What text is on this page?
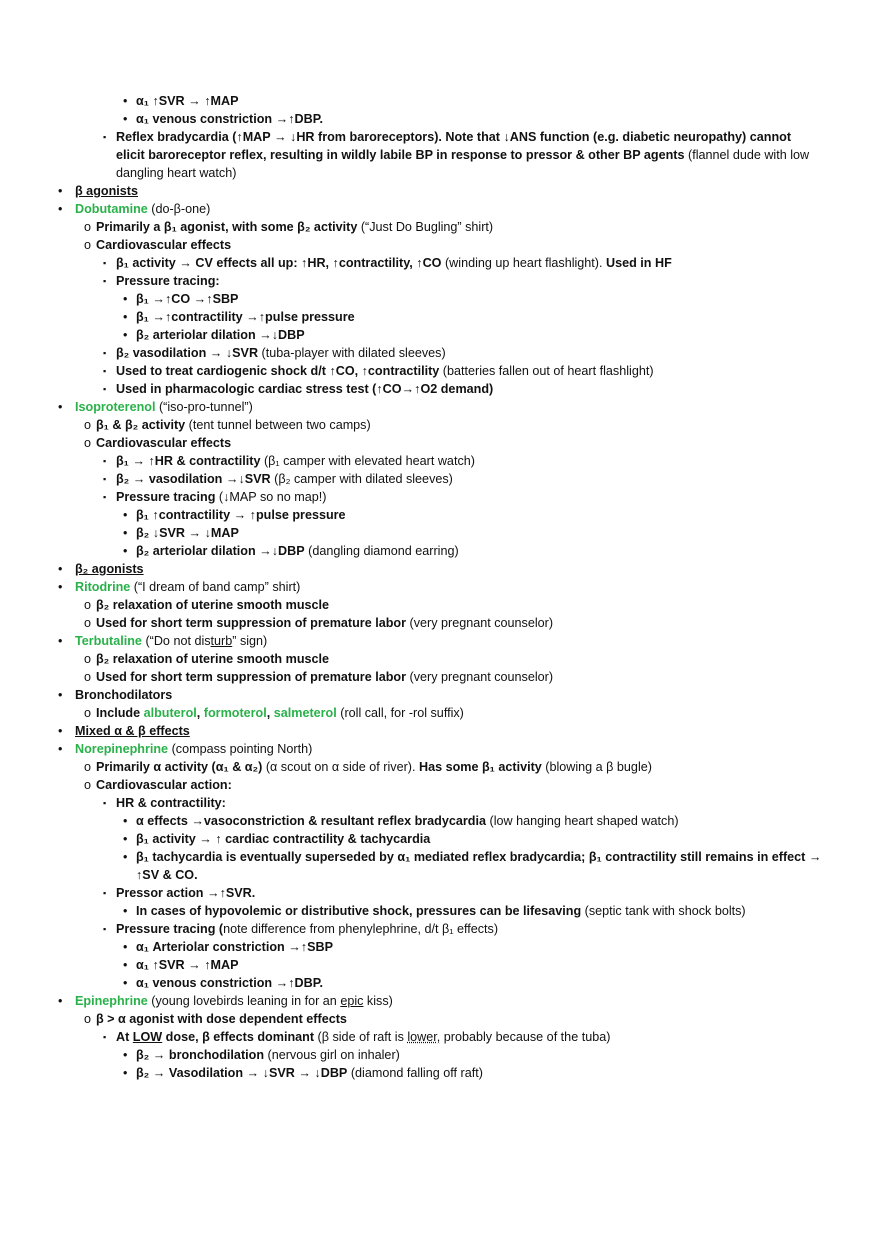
• α₁ ↑SVR → ↑MAP
• α₁ venous constriction →↑DBP.
▪ Reflex bradycardia (↑MAP → ↓HR from baroreceptors). Note that ↓ANS function (e.g. diabetic neuropathy) cannot elicit baroreceptor reflex, resulting in wildly labile BP in response to pressor & other BP agents (flannel dude with low dangling heart watch)
• β agonists
• Dobutamine (do-β-one)
o Primarily a β₁ agonist, with some β₂ activity (“Just Do Bugling” shirt)
o Cardiovascular effects
▪ β₁ activity → CV effects all up: ↑HR, ↑contractility, ↑CO (winding up heart flashlight). Used in HF
▪ Pressure tracing:
• β₁ →↑CO →↑SBP
• β₁ →↑contractility →↑pulse pressure
• β₂ arteriolar dilation →↓DBP
▪ β₂ vasodilation → ↓SVR (tuba-player with dilated sleeves)
▪ Used to treat cardiogenic shock d/t ↑CO, ↑contractility (batteries fallen out of heart flashlight)
▪ Used in pharmacologic cardiac stress test (↑CO→↑O2 demand)
• Isoproterenol (“iso-pro-tunnel”)
o β₁ & β₂ activity (tent tunnel between two camps)
o Cardiovascular effects
▪ β₁ → ↑HR & contractility (β₁ camper with elevated heart watch)
▪ β₂ → vasodilation →↓SVR (β₂ camper with dilated sleeves)
▪ Pressure tracing (↓MAP so no map!)
• β₁ ↑contractility → ↑pulse pressure
• β₂ ↓SVR → ↓MAP
• β₂ arteriolar dilation →↓DBP (dangling diamond earring)
• β₂ agonists
• Ritodrine (“I dream of band camp” shirt)
o β₂ relaxation of uterine smooth muscle
o Used for short term suppression of premature labor (very pregnant counselor)
• Terbutaline (“Do not disturb” sign)
o β₂ relaxation of uterine smooth muscle
o Used for short term suppression of premature labor (very pregnant counselor)
• Bronchodilators
o Include albuterol, formoterol, salmeterol (roll call, for -rol suffix)
• Mixed α & β effects
• Norepinephrine (compass pointing North)
o Primarily α activity (α₁ & α₂) (α scout on α side of river). Has some β₁ activity (blowing a β bugle)
o Cardiovascular action:
▪ HR & contractility:
• α effects →vasoconstriction & resultant reflex bradycardia (low hanging heart shaped watch)
• β₁ activity → ↑ cardiac contractility & tachycardia
• β₁ tachycardia is eventually superseded by α₁ mediated reflex bradycardia; β₁ contractility still remains in effect → ↑SV & CO.
▪ Pressor action →↑SVR.
• In cases of hypovolemic or distributive shock, pressures can be lifesaving (septic tank with shock bolts)
▪ Pressure tracing (note difference from phenylephrine, d/t β₁ effects)
• α₁ Arteriolar constriction →↑SBP
• α₁ ↑SVR → ↑MAP
• α₁ venous constriction →↑DBP.
• Epinephrine (young lovebirds leaning in for an epic kiss)
o β > α agonist with dose dependent effects
▪ At LOW dose, β effects dominant (β side of raft is lower, probably because of the tuba)
• β₂ → bronchodilation (nervous girl on inhaler)
• β₂ → Vasodilation → ↓SVR → ↓DBP (diamond falling off raft)
